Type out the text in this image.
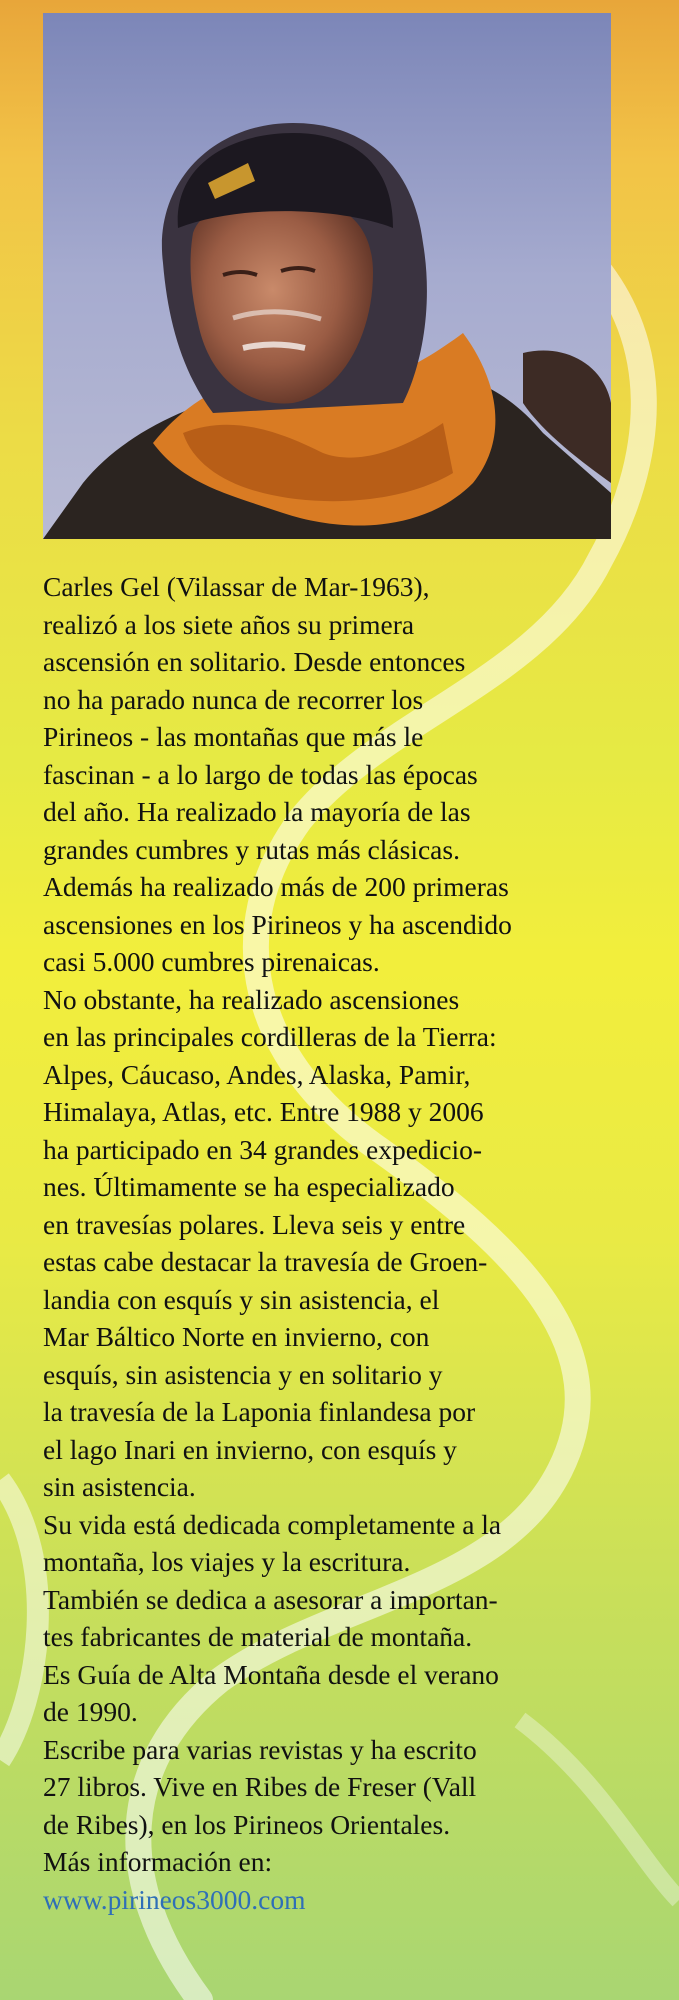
Carles Gel (Vilassar de Mar-1963),

realizó a los siete años su primera

ascensión en solitario. Desde entonces

no ha parado nunca de recorrer los

Pirineos - las montañas que más le

fascinan - a lo largo de todas las épocas

del año. Ha realizado la mayoría de las

grandes cumbres y rutas más clásicas.

Además ha realizado más de 200 primeras

ascensiones en los Pirineos y ha ascendido

casi 5.000 cumbres pirenaicas.

No obstante, ha realizado ascensiones

en las principales cordilleras de la Tierra:

Alpes, Cáucaso, Andes, Alaska, Pamir,

Himalaya, Atlas, etc. Entre 1988 y 2006

ha participado en 34 grandes expedicio-

nes. Últimamente se ha especializado

en travesías polares. Lleva seis y entre

estas cabe destacar la travesía de Groen-

landia con esquís y sin asistencia, el

Mar Báltico Norte en invierno, con

esquís, sin asistencia y en solitario y

la travesía de la Laponia finlandesa por

el lago Inari en invierno, con esquís y

sin asistencia.

Su vida está dedicada completamente a la

montaña, los viajes y la escritura.

También se dedica a asesorar a importan-

tes fabricantes de material de montaña.

Es Guía de Alta Montaña desde el verano

de 1990.

Escribe para varias revistas y ha escrito

27 libros. Vive en Ribes de Freser (Vall

de Ribes), en los Pirineos Orientales.

Más información en:

www.pirineos3000.com
